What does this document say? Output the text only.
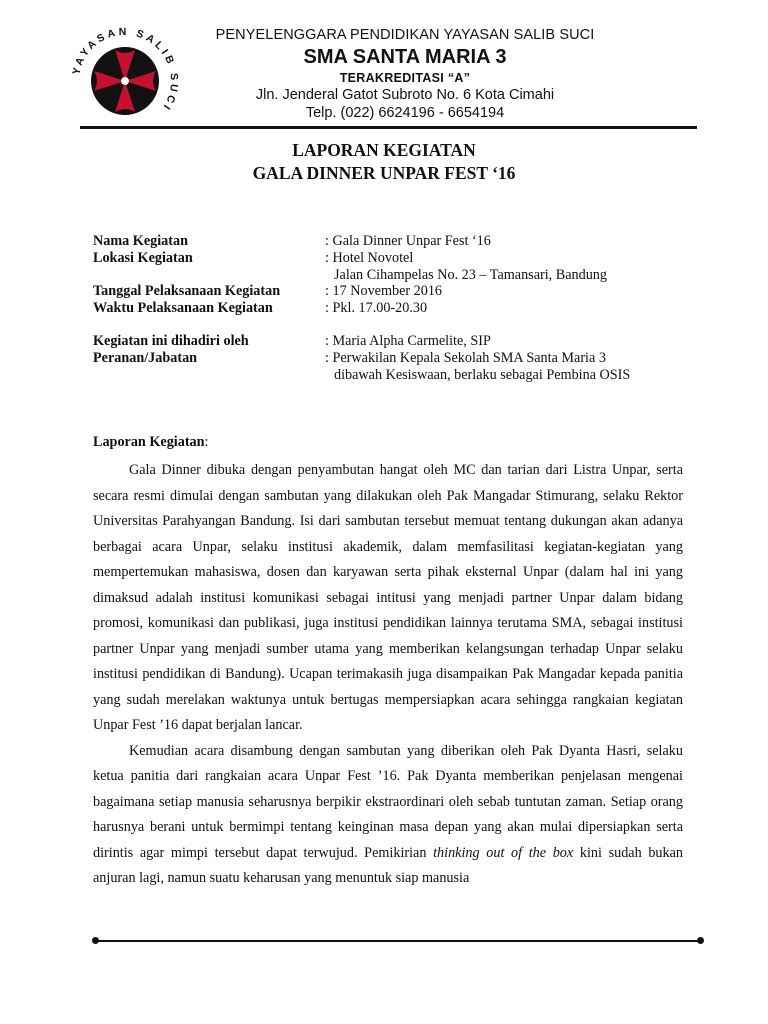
YAYASAN SALIB SUCI
PENYELENGGARA PENDIDIKAN YAYASAN SALIB SUCI
SMA SANTA MARIA 3
TERAKREDITASI “A”
Jln. Jenderal Gatot Subroto No. 6 Kota Cimahi
Telp. (022) 6624196 - 6654194
LAPORAN KEGIATAN
GALA DINNER UNPAR FEST ‘16
Nama Kegiatan	: Gala Dinner Unpar Fest ‘16
Lokasi Kegiatan	: Hotel Novotel
Jalan Cihampelas No. 23 – Tamansari, Bandung
Tanggal Pelaksanaan Kegiatan	: 17 November 2016
Waktu Pelaksanaan Kegiatan	: Pkl. 17.00-20.30
Kegiatan ini dihadiri oleh	: Maria Alpha Carmelite, SIP
Peranan/Jabatan	: Perwakilan Kepala Sekolah SMA Santa Maria 3
dibawah Kesiswaan, berlaku sebagai Pembina OSIS
Laporan Kegiatan:

Gala Dinner dibuka dengan penyambutan hangat oleh MC dan tarian dari Listra Unpar, serta secara resmi dimulai dengan sambutan yang dilakukan oleh Pak Mangadar Stimurang, selaku Rektor Universitas Parahyangan Bandung. Isi dari sambutan tersebut memuat tentang dukungan akan adanya berbagai acara Unpar, selaku institusi akademik, dalam memfasilitasi kegiatan-kegiatan yang mempertemukan mahasiswa, dosen dan karyawan serta pihak eksternal Unpar (dalam hal ini yang dimaksud adalah institusi komunikasi sebagai intitusi yang menjadi partner Unpar dalam bidang promosi, komunikasi dan publikasi, juga institusi pendidikan lainnya terutama SMA, sebagai institusi partner Unpar yang menjadi sumber utama yang memberikan kelangsungan terhadap Unpar selaku institusi pendidikan di Bandung). Ucapan terimakasih juga disampaikan Pak Mangadar kepada panitia yang sudah merelakan waktunya untuk bertugas mempersiapkan acara sehingga rangkaian kegiatan Unpar Fest ’16 dapat berjalan lancar.

Kemudian acara disambung dengan sambutan yang diberikan oleh Pak Dyanta Hasri, selaku ketua panitia dari rangkaian acara Unpar Fest ’16. Pak Dyanta memberikan penjelasan mengenai bagaimana setiap manusia seharusnya berpikir ekstraordinari oleh sebab tuntutan zaman. Setiap orang harusnya berani untuk bermimpi tentang keinginan masa depan yang akan mulai dipersiapkan serta dirintis agar mimpi tersebut dapat terwujud. Pemikirian thinking out of the box kini sudah bukan anjuran lagi, namun suatu keharusan yang menuntuk siap manusia
